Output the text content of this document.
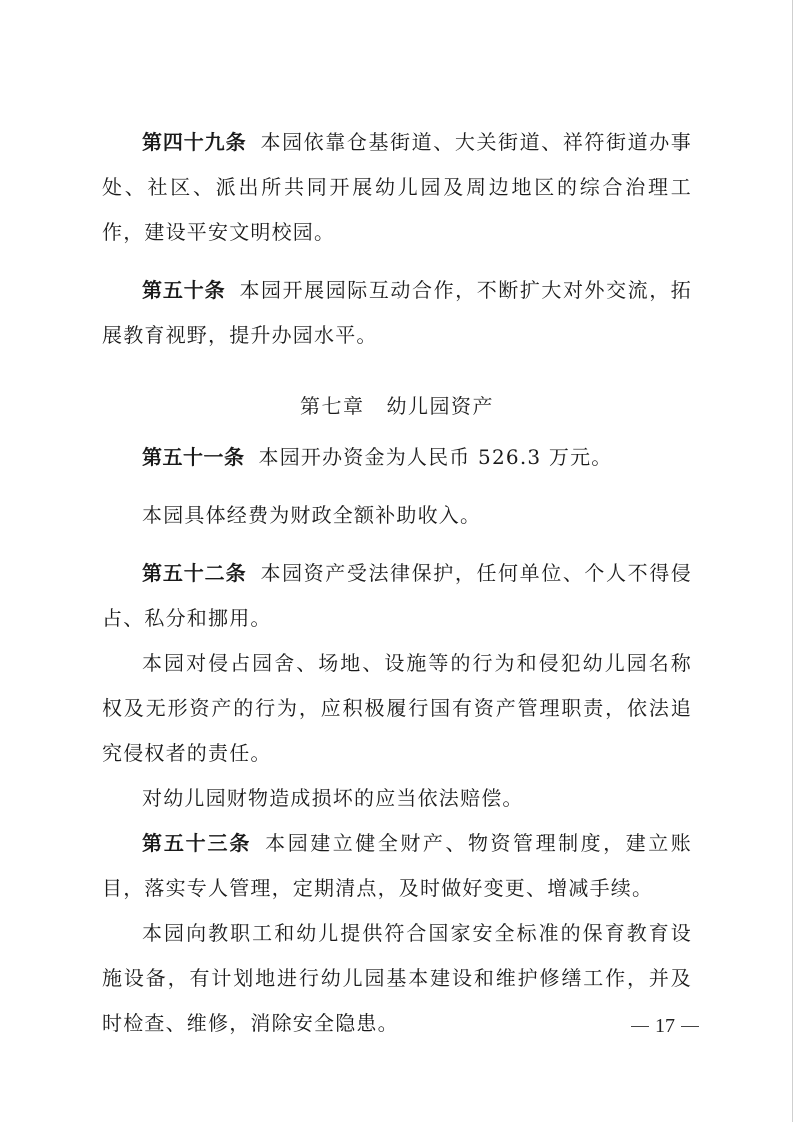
第四十九条 本园依靠仓基街道、大关街道、祥符街道办事处、社区、派出所共同开展幼儿园及周边地区的综合治理工作，建设平安文明校园。

第五十条 本园开展园际互动合作，不断扩大对外交流，拓展教育视野，提升办园水平。

第七章 幼儿园资产

第五十一条 本园开办资金为人民币 526.3 万元。

本园具体经费为财政全额补助收入。

第五十二条 本园资产受法律保护，任何单位、个人不得侵占、私分和挪用。

本园对侵占园舍、场地、设施等的行为和侵犯幼儿园名称权及无形资产的行为，应积极履行国有资产管理职责，依法追究侵权者的责任。

对幼儿园财物造成损坏的应当依法赔偿。

第五十三条 本园建立健全财产、物资管理制度，建立账目，落实专人管理，定期清点，及时做好变更、增减手续。

本园向教职工和幼儿提供符合国家安全标准的保育教育设施设备，有计划地进行幼儿园基本建设和维护修缮工作，并及时检查、维修，消除安全隐患。	17
